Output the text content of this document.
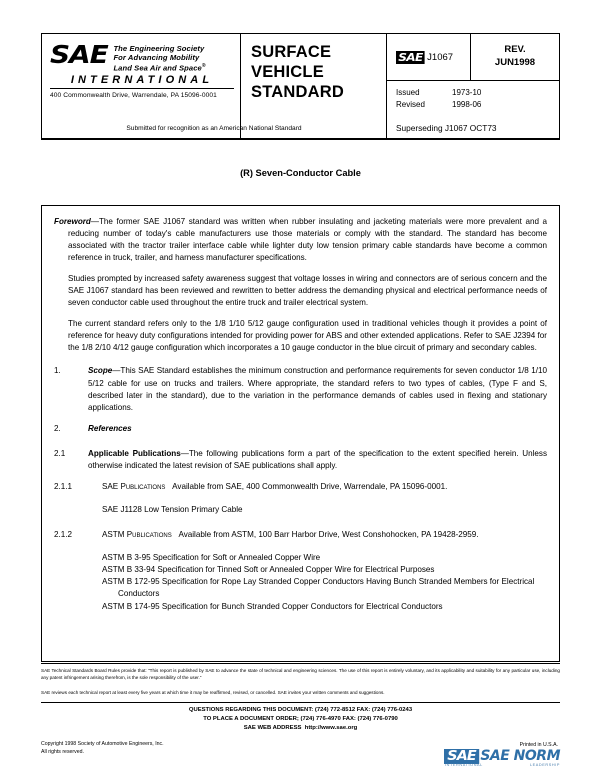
SAE The Engineering Society
For Advancing Mobility
Land Sea Air and Space®
INTERNATIONAL
400 Commonwealth Drive, Warrendale, PA 15096-0001
SURFACE
VEHICLE
STANDARD
SAE J1067
REV.
JUN1998
Issued	1973-10
Revised	1998-06
Superseding J1067 OCT73
Submitted for recognition as an American National Standard
(R) Seven-Conductor Cable

Foreword—The former SAE J1067 standard was written when rubber insulating and jacketing materials were more prevalent and a reducing number of today's cable manufacturers use those materials or comply with the standard. The standard has become associated with the tractor trailer interface cable while lighter duty low tension primary cable standards have become a common reference in truck, trailer, and harness manufacturer specifications.

Studies prompted by increased safety awareness suggest that voltage losses in wiring and connectors are of serious concern and the SAE J1067 standard has been reviewed and rewritten to better address the demanding physical and electrical performance needs of seven conductor cable used throughout the entire truck and trailer electrical system.

The current standard refers only to the 1/8 1/10 5/12 gauge configuration used in traditional vehicles though it provides a point of reference for heavy duty configurations intended for providing power for ABS and other extended applications. Refer to SAE J2394 for the 1/8 2/10 4/12 gauge configuration which incorporates a 10 gauge conductor in the blue circuit of primary and secondary cables.

1.	Scope—This SAE Standard establishes the minimum construction and performance requirements for seven conductor 1/8 1/10 5/12 cable for use on trucks and trailers. Where appropriate, the standard refers to two types of cables, (Type F and S, described later in the standard), due to the variation in the performance demands of cables used in flexing and stationary applications.
2.	References
2.1	Applicable Publications—The following publications form a part of the specification to the extent specified herein. Unless otherwise indicated the latest revision of SAE publications shall apply.
2.1.1	SAE Publications Available from SAE, 400 Commonwealth Drive, Warrendale, PA 15096-0001.
SAE J1128 Low Tension Primary Cable
2.1.2	ASTM Publications Available from ASTM, 100 Barr Harbor Drive, West Conshohocken, PA 19428-2959.
ASTM B 3-95 Specification for Soft or Annealed Copper Wire
ASTM B 33-94 Specification for Tinned Soft or Annealed Copper Wire for Electrical Purposes
ASTM B 172-95 Specification for Rope Lay Stranded Copper Conductors Having Bunch Stranded Members for Electrical Conductors
ASTM B 174-95 Specification for Bunch Stranded Copper Conductors for Electrical Conductors
SAE Technical Standards Board Rules provide that: “This report is published by SAE to advance the state of technical and engineering sciences. The use of this report is entirely voluntary, and its applicability and suitability for any particular use, including any patent infringement arising therefrom, is the sole responsibility of the user.”
SAE reviews each technical report at least every five years at which time it may be reaffirmed, revised, or cancelled. SAE invites your written comments and suggestions.
QUESTIONS REGARDING THIS DOCUMENT: (724) 772-8512 FAX: (724) 776-0243
TO PLACE A DOCUMENT ORDER; (724) 776-4970 FAX: (724) 776-0790
SAE WEB ADDRESS http://www.sae.org
Copyright 1998 Society of Automotive Engineers, Inc.
All rights reserved.
Printed in U.S.A.
SAE SAE NORM
INTERNATIONAL	LEADERSHIP
